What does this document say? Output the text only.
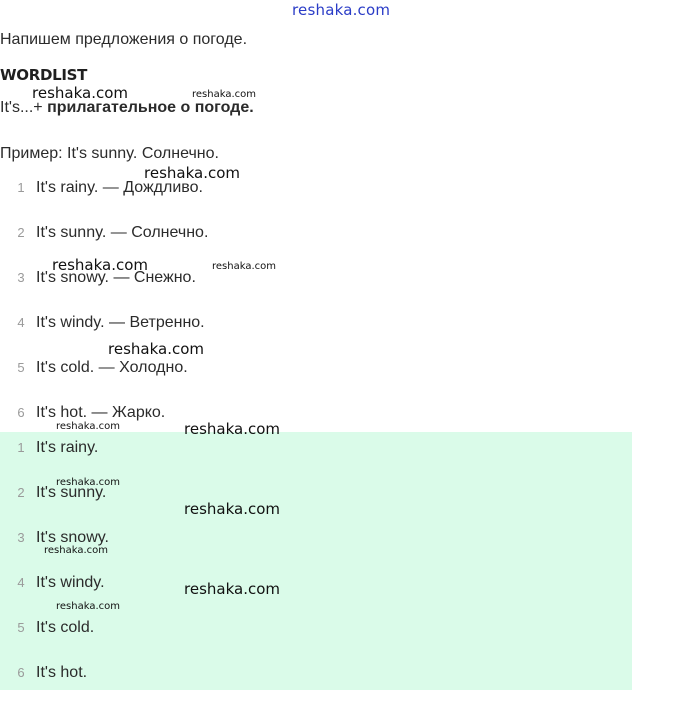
reshaka.com
Напишем предложения о погоде.
WORDLIST
It's...+ прилагательное о погоде.
Пример: It's sunny. Солнечно.
1 It's rainy. — Дождливо.
2 It's sunny. — Солнечно.
3 It's snowy. — Снежно.
4 It's windy. — Ветренно.
5 It's cold. — Холодно.
6 It's hot. — Жарко.
1 It's rainy.
2 It's sunny.
3 It's snowy.
4 It's windy.
5 It's cold.
6 It's hot.
reshaka.com	reshaka.com
reshaka.com
reshaka.com	reshaka.com
reshaka.com
reshaka.com	reshaka.com
reshaka.com
reshaka.com
reshaka.com
reshaka.com
reshaka.com
